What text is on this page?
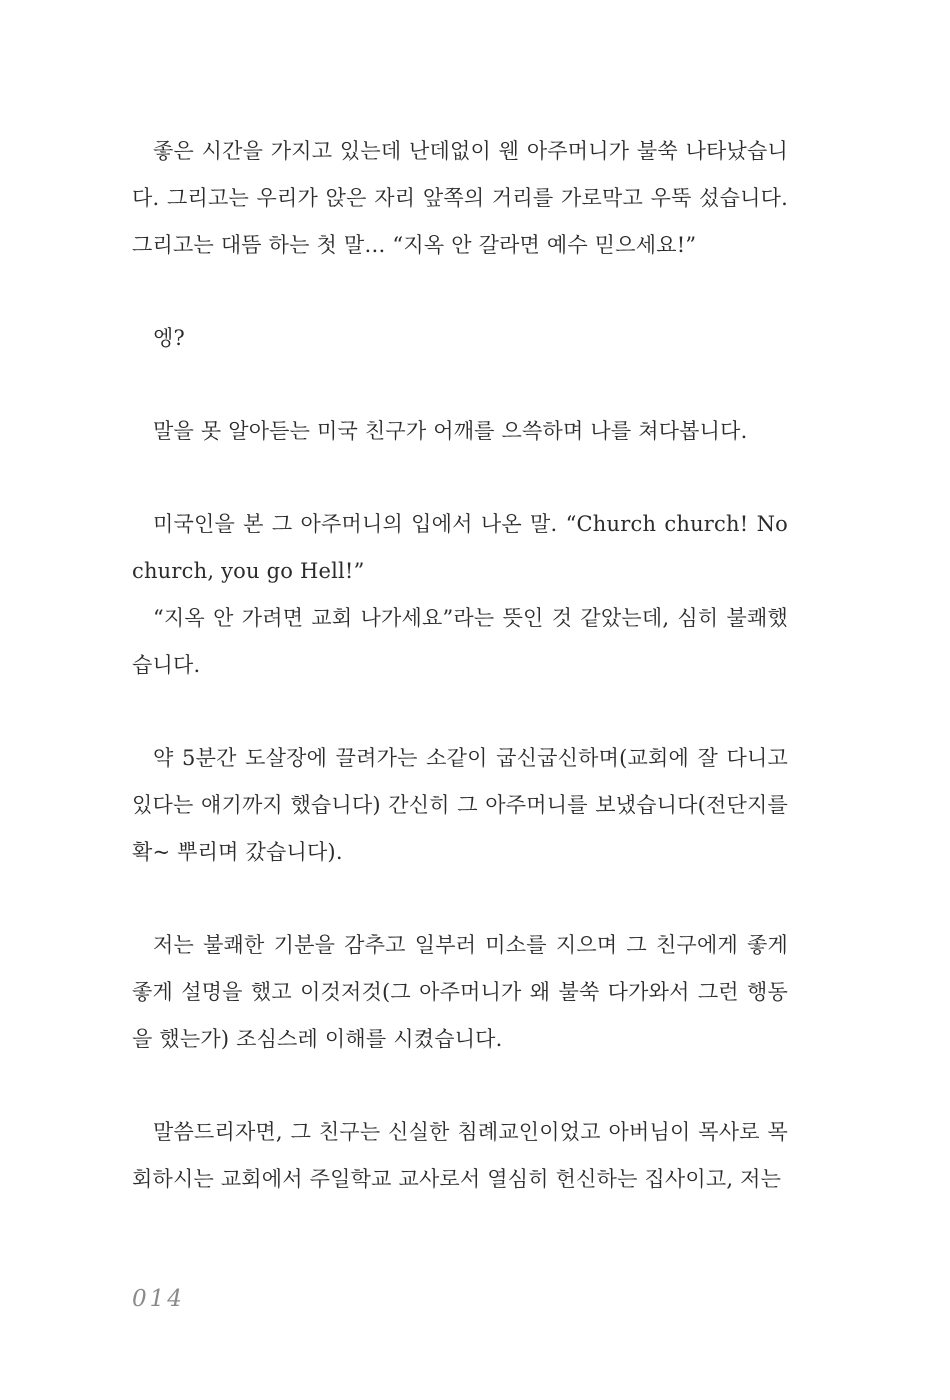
좋은 시간을 가지고 있는데 난데없이 웬 아주머니가 불쑥 나타났습니다. 그리고는 우리가 앉은 자리 앞쪽의 거리를 가로막고 우뚝 섰습니다. 그리고는 대뜸 하는 첫 말… “지옥 안 갈라면 예수 믿으세요!”

엥?

말을 못 알아듣는 미국 친구가 어깨를 으쓱하며 나를 쳐다봅니다.

미국인을 본 그 아주머니의 입에서 나온 말. “Church church! No church, you go Hell!”

“지옥 안 가려면 교회 나가세요”라는 뜻인 것 같았는데, 심히 불쾌했습니다.

약 5분간 도살장에 끌려가는 소같이 굽신굽신하며(교회에 잘 다니고 있다는 얘기까지 했습니다) 간신히 그 아주머니를 보냈습니다(전단지를 확~ 뿌리며 갔습니다).

저는 불쾌한 기분을 감추고 일부러 미소를 지으며 그 친구에게 좋게 좋게 설명을 했고 이것저것(그 아주머니가 왜 불쑥 다가와서 그런 행동을 했는가) 조심스레 이해를 시켰습니다.

말씀드리자면, 그 친구는 신실한 침례교인이었고 아버님이 목사로 목회하시는 교회에서 주일학교 교사로서 열심히 헌신하는 집사이고, 저는

014
